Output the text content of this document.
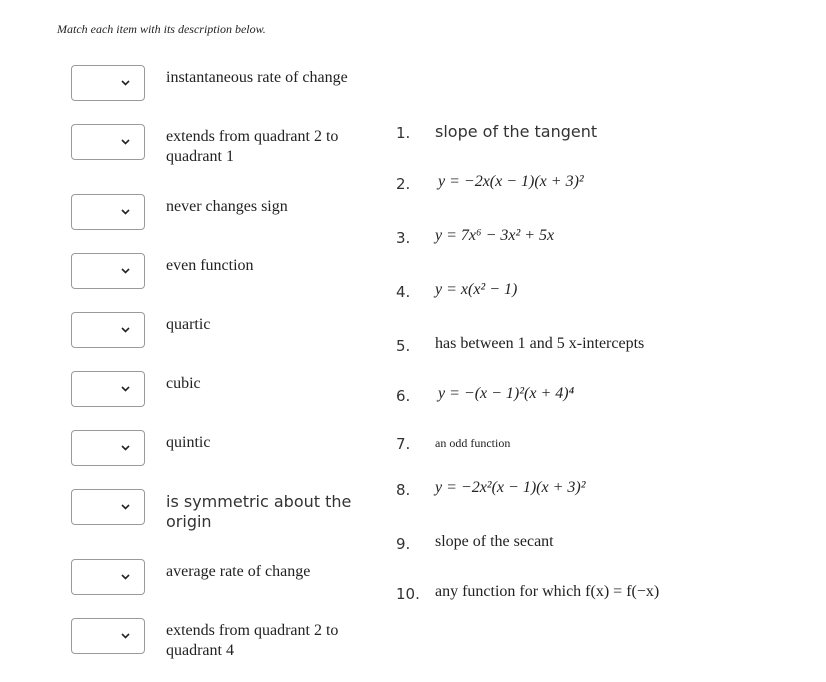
Match each item with its description below.
instantaneous rate of change
extends from quadrant 2 to quadrant 1
never changes sign
even function
quartic
cubic
quintic
is symmetric about the origin
average rate of change
extends from quadrant 2 to quadrant 4
1.	slope of the tangent
2.	y = −2x(x − 1)(x + 3)²
3.	y = 7x⁶ − 3x² + 5x
4.	y = x(x² − 1)
5.	has between 1 and 5 x-intercepts
6.	y = −(x − 1)²(x + 4)⁴
7.	an odd function
8.	y = −2x²(x − 1)(x + 3)²
9.	slope of the secant
10. any function for which f(x) = f(−x)
